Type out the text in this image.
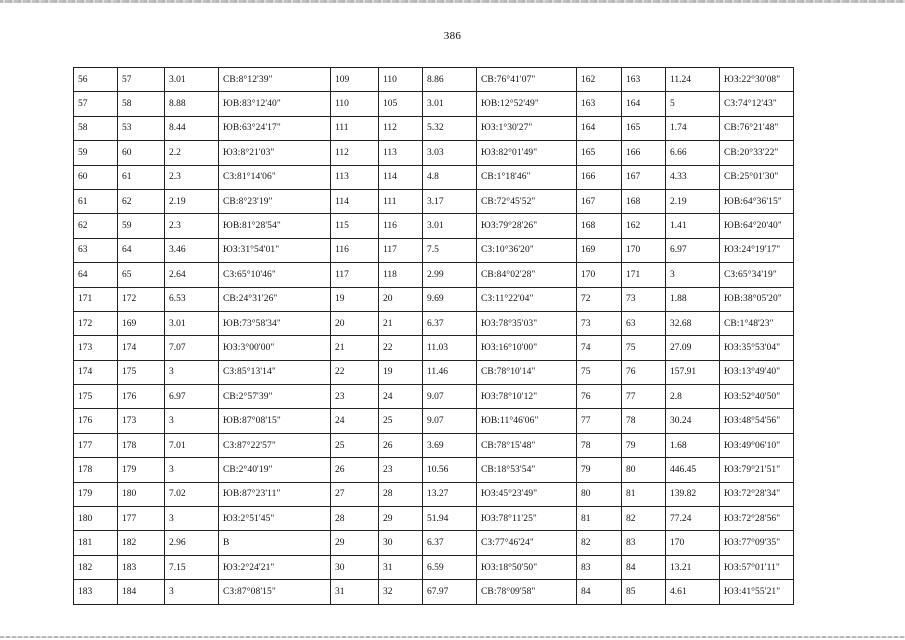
386
56	57	3.01	СВ:8°12'39"	109	110	8.86	СВ:76°41'07"	162	163	11.24	ЮЗ:22°30'08"
57	58	8.88	ЮВ:83°12'40"	110	105	3.01	ЮВ:12°52'49"	163	164	5	СЗ:74°12'43"
58	53	8.44	ЮВ:63°24'17"	111	112	5.32	ЮЗ:1°30'27"	164	165	1.74	СВ:76°21'48"
59	60	2.2	ЮЗ:8°21'03"	112	113	3.03	ЮЗ:82°01'49"	165	166	6.66	СВ:20°33'22"
60	61	2.3	СЗ:81°14'06"	113	114	4.8	СВ:1°18'46"	166	167	4.33	СВ:25°01'30"
61	62	2.19	СВ:8°23'19"	114	111	3.17	СВ:72°45'52"	167	168	2.19	ЮВ:64°36'15"
62	59	2.3	ЮВ:81°28'54"	115	116	3.01	ЮЗ:79°28'26"	168	162	1.41	ЮВ:64°20'40"
63	64	3.46	ЮЗ:31°54'01"	116	117	7.5	СЗ:10°36'20"	169	170	6.97	ЮЗ:24°19'17"
64	65	2.64	СЗ:65°10'46"	117	118	2.99	СВ:84°02'28"	170	171	3	СЗ:65°34'19"
171	172	6.53	СВ:24°31'26"	19	20	9.69	СЗ:11°22'04"	72	73	1.88	ЮВ:38°05'20"
172	169	3.01	ЮВ:73°58'34"	20	21	6.37	ЮЗ:78°35'03"	73	63	32.68	СВ:1°48'23"
173	174	7.07	ЮЗ:3°00'00"	21	22	11.03	ЮЗ:16°10'00"	74	75	27.09	ЮЗ:35°53'04"
174	175	3	СЗ:85°13'14"	22	19	11.46	СВ:78°10'14"	75	76	157.91	ЮЗ:13°49'40"
175	176	6.97	СВ:2°57'39"	23	24	9.07	ЮЗ:78°10'12"	76	77	2.8	ЮЗ:52°40'50"
176	173	3	ЮВ:87°08'15"	24	25	9.07	ЮВ:11°46'06"	77	78	30.24	ЮЗ:48°54'56"
177	178	7.01	СЗ:87°22'57"	25	26	3.69	СВ:78°15'48"	78	79	1.68	ЮЗ:49°06'10"
178	179	3	СВ:2°40'19"	26	23	10.56	СВ:18°53'54"	79	80	446.45	ЮЗ:79°21'51"
179	180	7.02	ЮВ:87°23'11"	27	28	13.27	ЮЗ:45°23'49"	80	81	139.82	ЮЗ:72°28'34"
180	177	3	ЮЗ:2°51'45"	28	29	51.94	ЮЗ:78°11'25"	81	82	77.24	ЮЗ:72°28'56"
181	182	2.96	В	29	30	6.37	СЗ:77°46'24"	82	83	170	ЮЗ:77°09'35"
182	183	7.15	ЮЗ:2°24'21"	30	31	6.59	ЮЗ:18°50'50"	83	84	13.21	ЮЗ:57°01'11"
183	184	3	СЗ:87°08'15"	31	32	67.97	СВ:78°09'58"	84	85	4.61	ЮЗ:41°55'21"
